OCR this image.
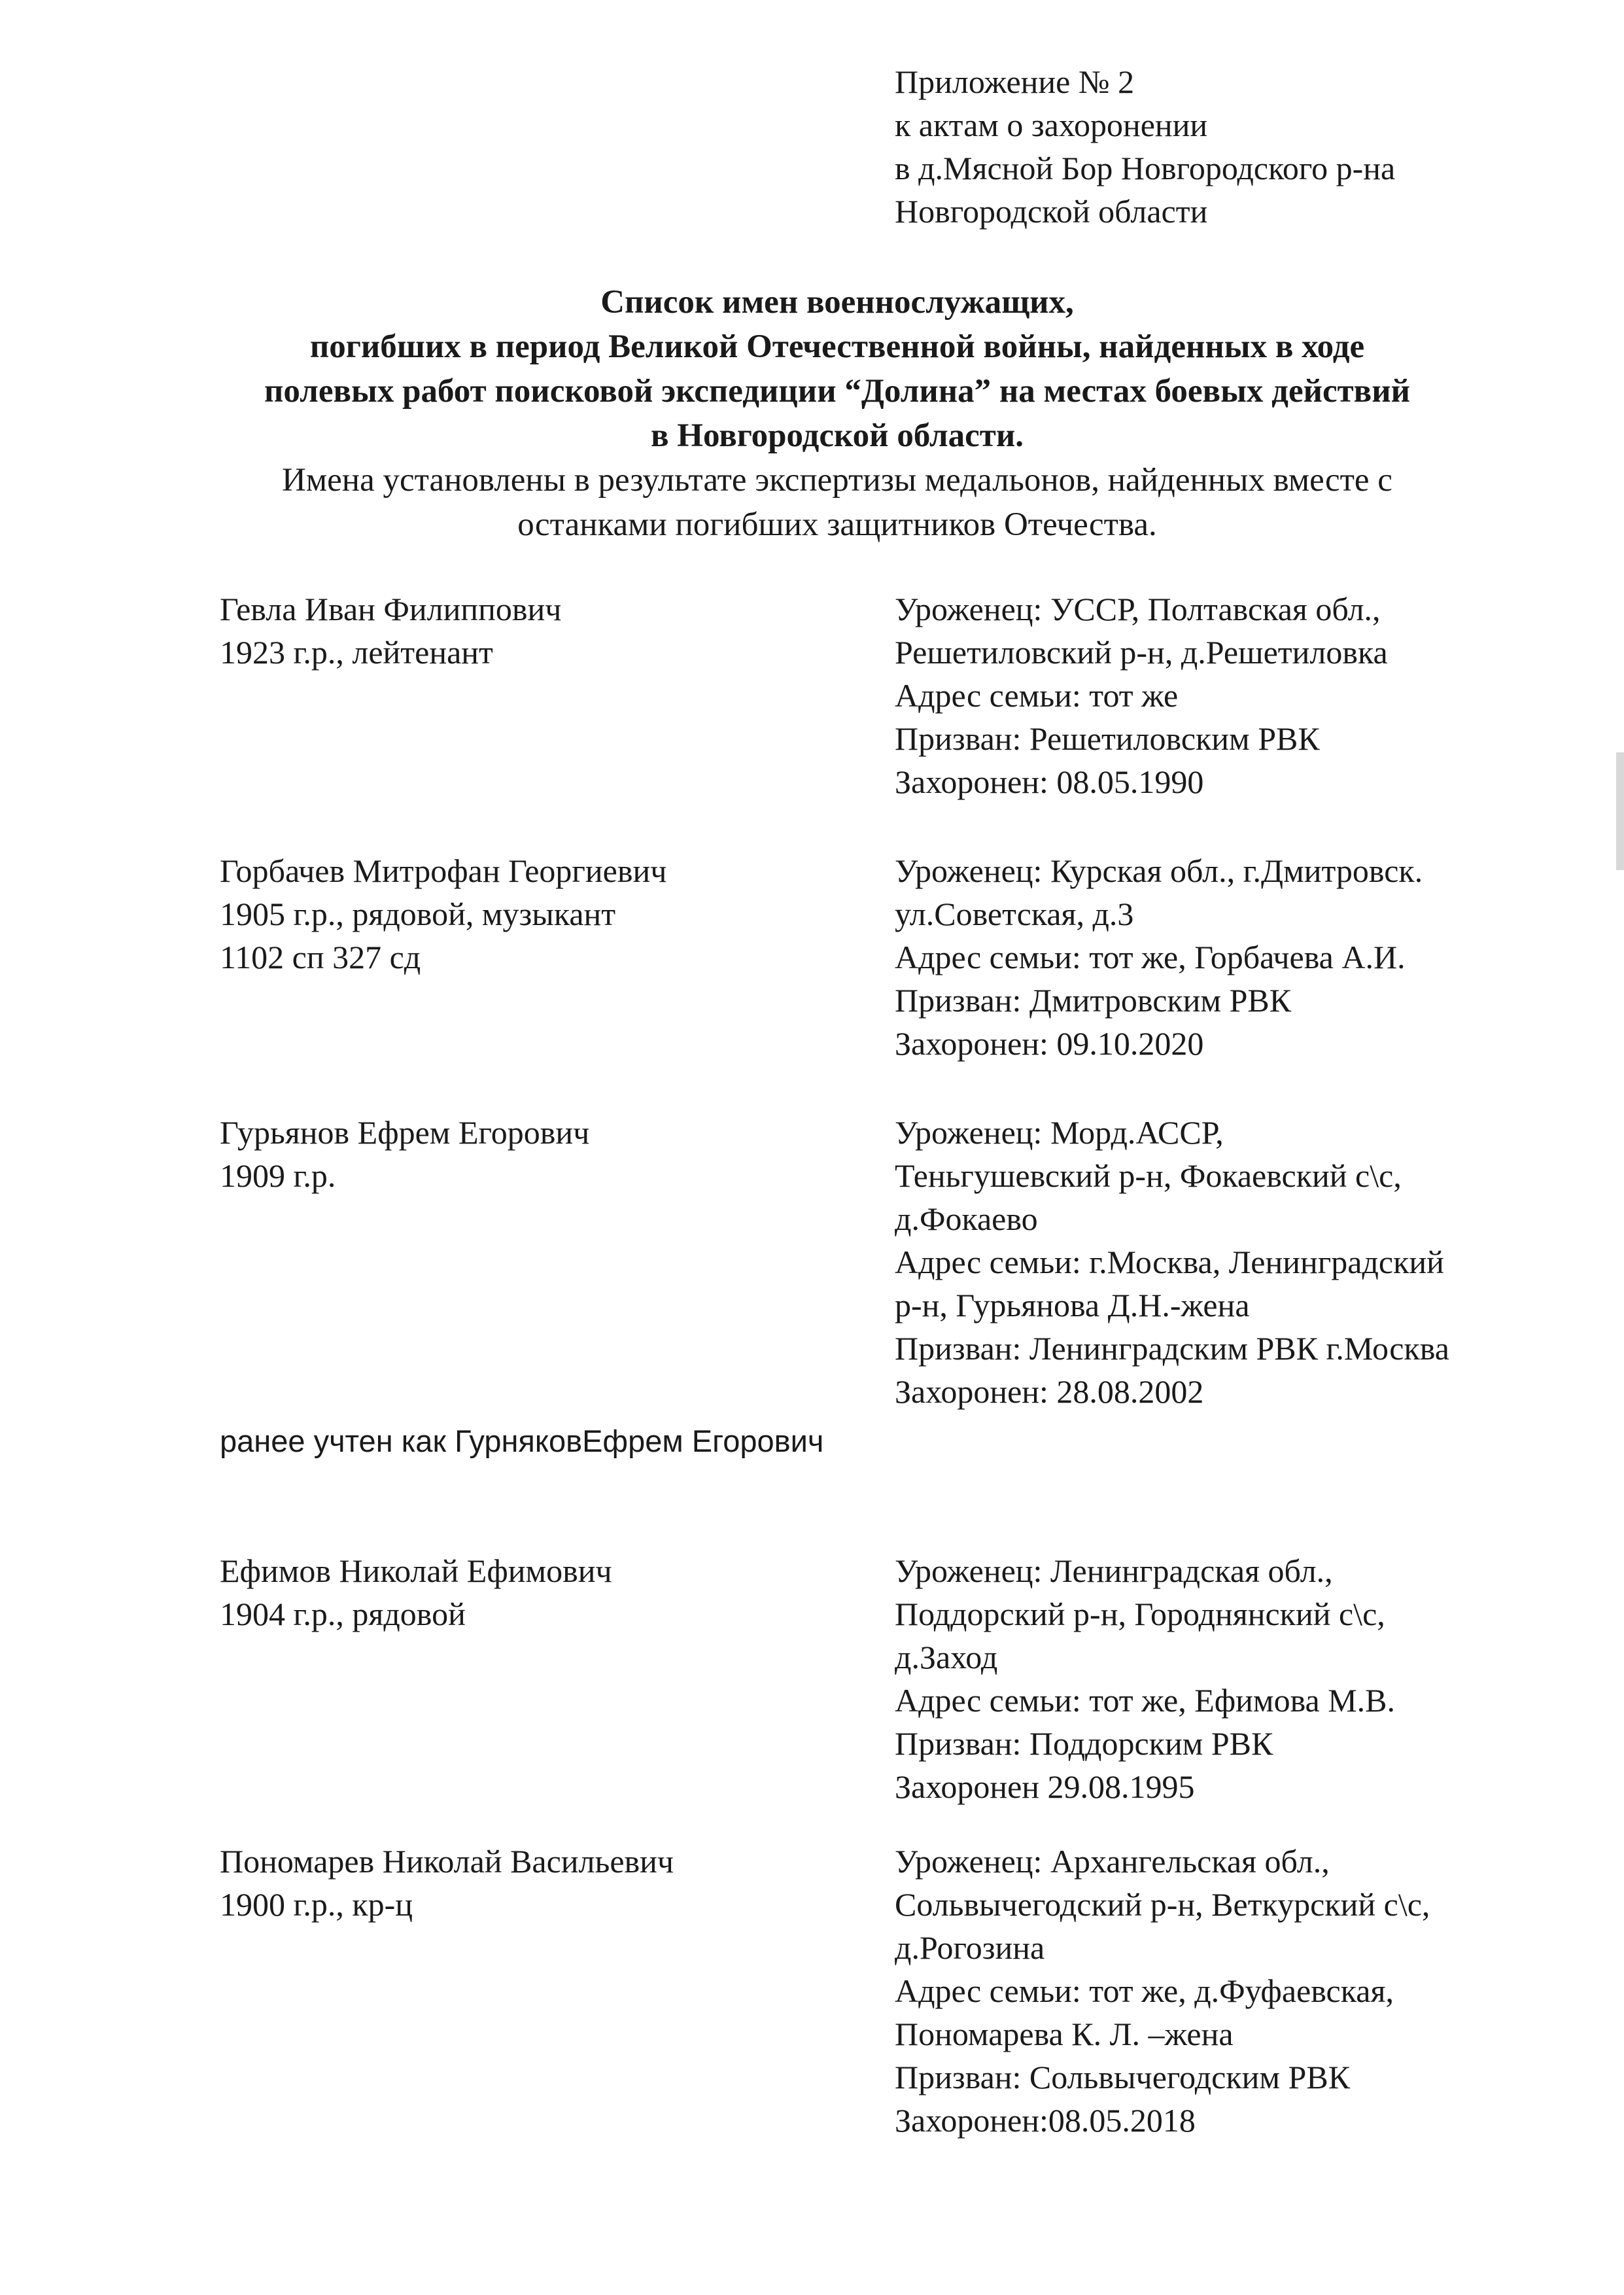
Приложение № 2
к актам о захоронении
в д.Мясной Бор Новгородского р-на
Новгородской области
Список имен военнослужащих,
погибших в период Великой Отечественной войны, найденных в ходе
полевых работ поисковой экспедиции “Долина” на местах боевых действий
в Новгородской области.
Имена установлены в результате экспертизы медальонов, найденных вместе с
останками погибших защитников Отечества.
Гевла Иван Филиппович
1923 г.р., лейтенант
Уроженец: УССР, Полтавская обл.,
Решетиловский р-н, д.Решетиловка
Адрес семьи: тот же
Призван: Решетиловским РВК
Захоронен: 08.05.1990
Горбачев Митрофан Георгиевич
1905 г.р., рядовой, музыкант
1102 сп 327 сд
Уроженец: Курская обл., г.Дмитровск.
ул.Советская, д.3
Адрес семьи: тот же, Горбачева А.И.
Призван: Дмитровским РВК
Захоронен: 09.10.2020
Гурьянов Ефрем Егорович
1909 г.р.
Уроженец: Морд.АССР,
Теньгушевский р-н, Фокаевский с\с,
д.Фокаево
Адрес семьи: г.Москва, Ленинградский
р-н, Гурьянова Д.Н.-жена
Призван: Ленинградским РВК г.Москва
Захоронен: 28.08.2002
ранее учтен как ГурняковЕфрем Егорович
Ефимов Николай Ефимович
1904 г.р., рядовой
Уроженец: Ленинградская обл.,
Поддорский р-н, Городнянский с\с,
д.Заход
Адрес семьи: тот же, Ефимова М.В.
Призван: Поддорским РВК
Захоронен 29.08.1995
Пономарев Николай Васильевич
1900 г.р., кр-ц
Уроженец: Архангельская обл.,
Сольвычегодский р-н, Веткурский с\с,
д.Рогозина
Адрес семьи: тот же, д.Фуфаевская,
Пономарева К. Л. –жена
Призван: Сольвычегодским РВК
Захоронен:08.05.2018
